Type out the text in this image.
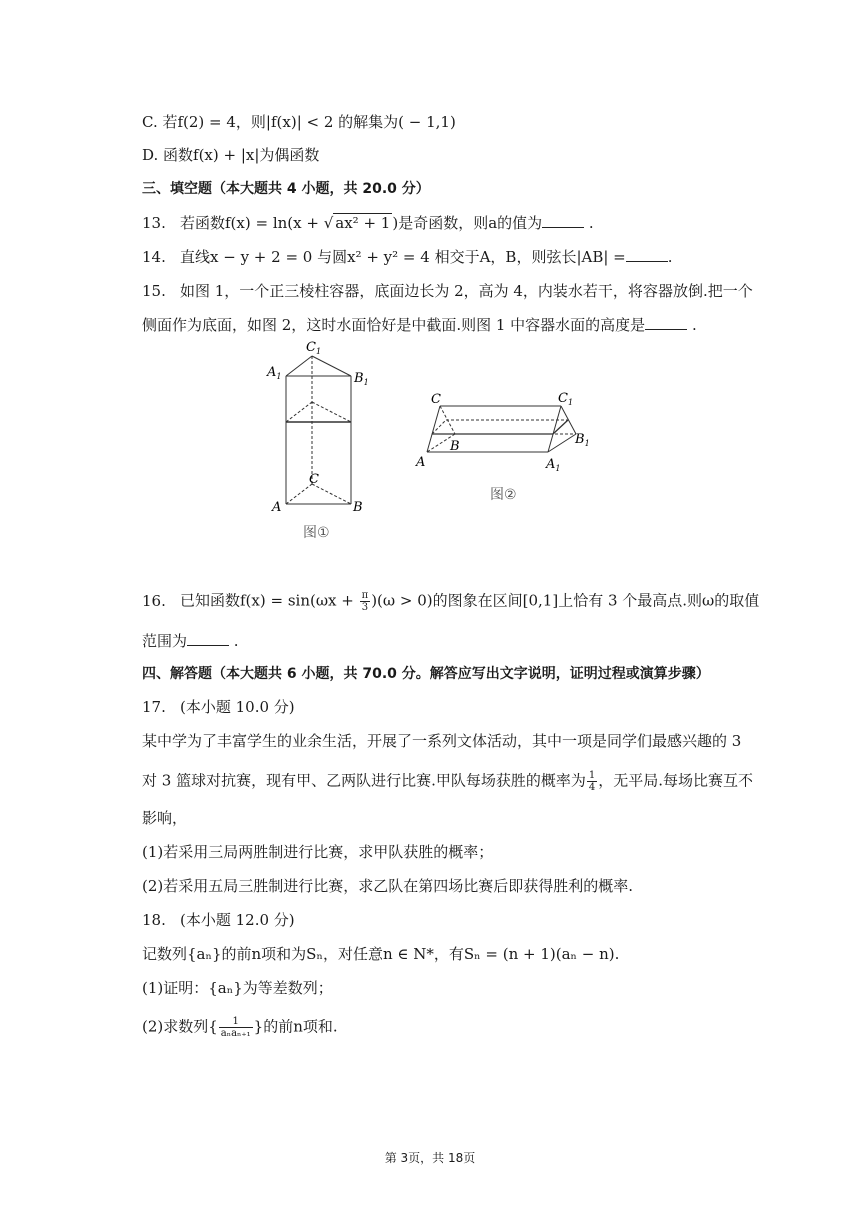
C. 若f(2) = 4，则|f(x)| < 2 的解集为( − 1,1)
D. 函数f(x) + |x|为偶函数
三、填空题（本大题共 4 小题，共 20.0 分）
13. 若函数f(x) = ln(x + √ ax² + 1 )是奇函数，则a的值为	.
14. 直线x − y + 2 = 0 与圆x² + y² = 4 相交于A，B，则弦长|AB| =	.
15. 如图 1，一个正三棱柱容器，底面边长为 2，高为 4，内装水若干，将容器放倒.把一个
侧面作为底面，如图 2，这时水面恰好是中截面.则图 1 中容器水面的高度是	.
$C_1$
$A_1$	$B_1$
C
A	B
图①
C	$C_1$
B	$B_1$
A	$A_1$
图②
16. 已知函数$f(x) = \sin(\omega x + \frac{\pi}{3} )(\omega > 0)$的图象在区间[0,1]上恰有 3 个最高点.则ω的取值
范围为	.
四、解答题（本大题共 6 小题，共 70.0 分。解答应写出文字说明，证明过程或演算步骤）
17. (本小题 10.0 分)
某中学为了丰富学生的业余生活，开展了一系列文体活动，其中一项是同学们最感兴趣的 3
对 3 篮球对抗赛，现有甲、乙两队进行比赛.甲队每场获胜的概率为 $\frac{1}{4}$ ，无平局.每场比赛互不
影响，
(1)若采用三局两胜制进行比赛，求甲队获胜的概率；
(2)若采用五局三胜制进行比赛，求乙队在第四场比赛后即获得胜利的概率.
18. (本小题 12.0 分)
记数列{aₙ}的前n项和为Sₙ，对任意n ∈ N*，有Sₙ = (n + 1)(aₙ − n).
(1)证明：{aₙ}为等差数列；
(2)求数列{ $\frac{1}{\text{aₙaₙ₊₁}}$ }的前n项和.
第 3页，共 18页
